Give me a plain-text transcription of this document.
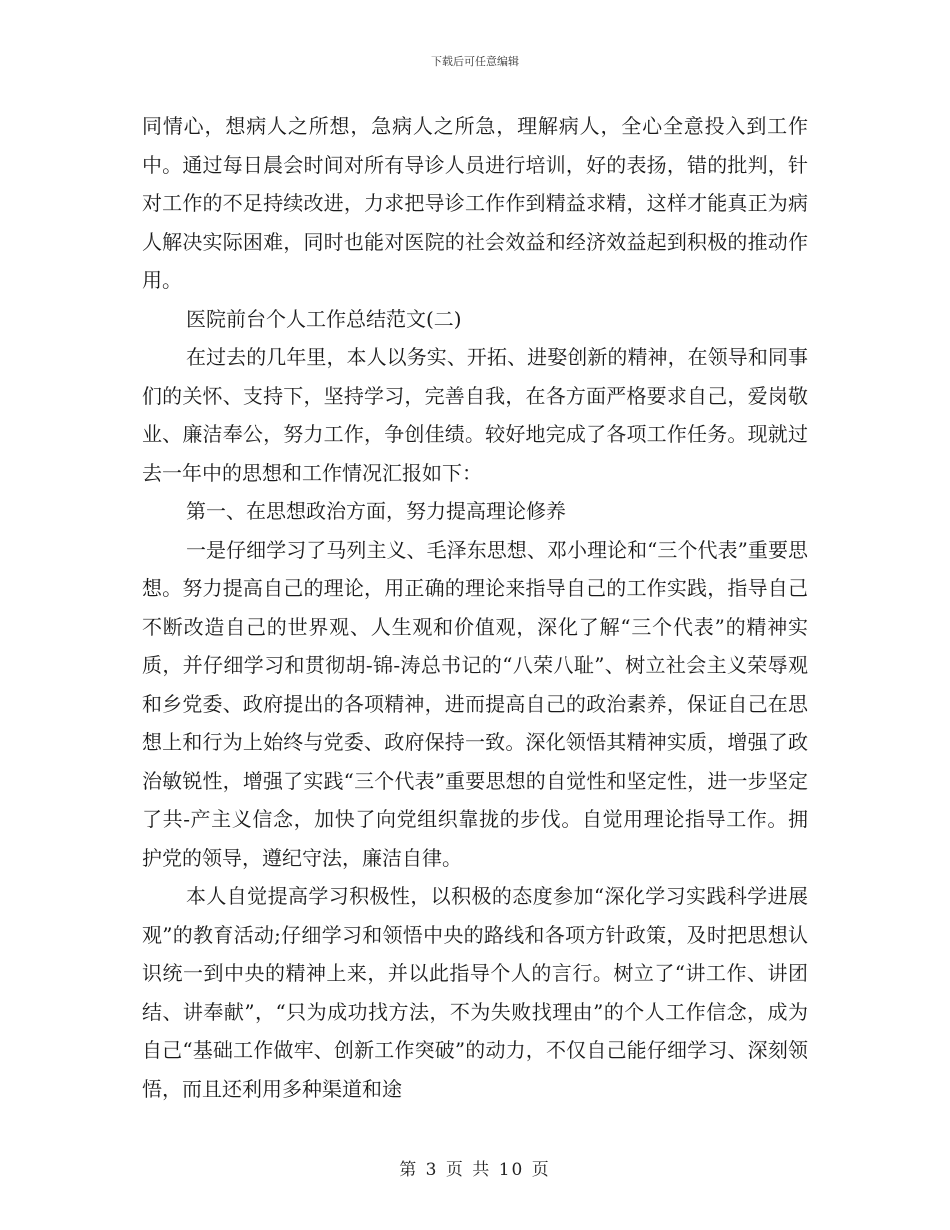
下载后可任意编辑

同情心，想病人之所想，急病人之所急，理解病人，全心全意投入到工作中。通过每日晨会时间对所有导诊人员进行培训，好的表扬，错的批判，针对工作的不足持续改进，力求把导诊工作作到精益求精，这样才能真正为病人解决实际困难，同时也能对医院的社会效益和经济效益起到积极的推动作用。

医院前台个人工作总结范文(二)

在过去的几年里，本人以务实、开拓、进娶创新的精神，在领导和同事们的关怀、支持下，坚持学习，完善自我，在各方面严格要求自己，爱岗敬业、廉洁奉公，努力工作，争创佳绩。较好地完成了各项工作任务。现就过去一年中的思想和工作情况汇报如下：

第一、在思想政治方面，努力提高理论修养

一是仔细学习了马列主义、毛泽东思想、邓小理论和“三个代表”重要思想。努力提高自己的理论，用正确的理论来指导自己的工作实践，指导自己不断改造自己的世界观、人生观和价值观，深化了解“三个代表”的精神实质，并仔细学习和贯彻胡-锦-涛总书记的“八荣八耻”、树立社会主义荣辱观和乡党委、政府提出的各项精神，进而提高自己的政治素养，保证自己在思想上和行为上始终与党委、政府保持一致。深化领悟其精神实质，增强了政治敏锐性，增强了实践“三个代表”重要思想的自觉性和坚定性，进一步坚定了共-产主义信念，加快了向党组织靠拢的步伐。自觉用理论指导工作。拥护党的领导，遵纪守法，廉洁自律。

本人自觉提高学习积极性，以积极的态度参加“深化学习实践科学进展观”的教育活动;仔细学习和领悟中央的路线和各项方针政策，及时把思想认识统一到中央的精神上来，并以此指导个人的言行。树立了“讲工作、讲团结、讲奉献”，“只为成功找方法，不为失败找理由”的个人工作信念，成为自己“基础工作做牢、创新工作突破”的动力，不仅自己能仔细学习、深刻领悟，而且还利用多种渠道和途

第 3 页 共 10 页
